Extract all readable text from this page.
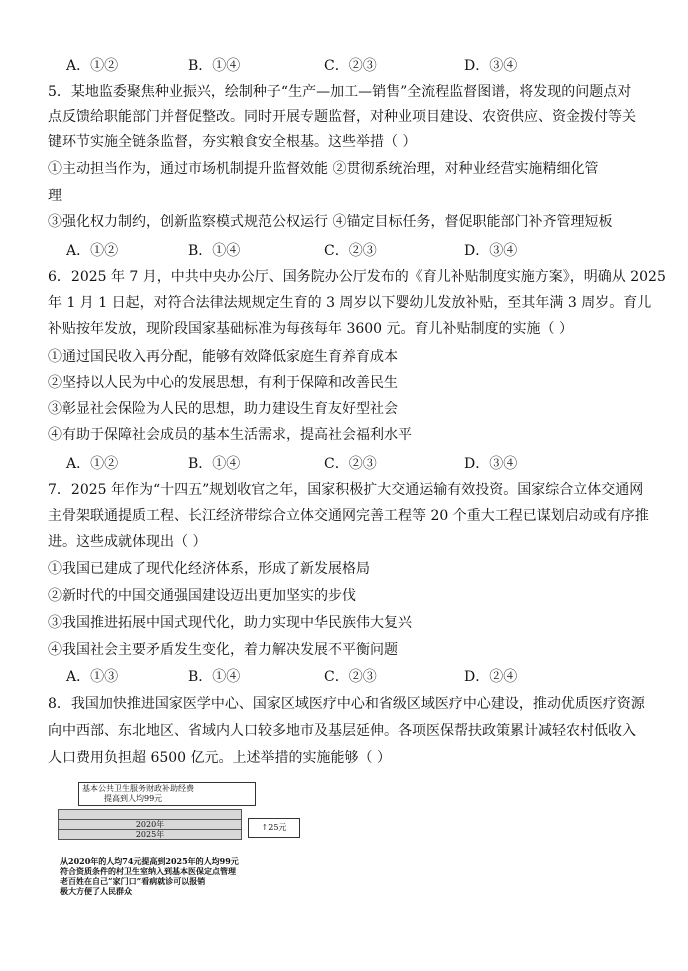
A．①②	B．①④	C．②③	D．③④
5．某地监委聚焦种业振兴，绘制种子“生产—加工—销售”全流程监督图谱，将发现的问题点对
点反馈给职能部门并督促整改。同时开展专题监督，对种业项目建设、农资供应、资金拨付等关
键环节实施全链条监督，夯实粮食安全根基。这些举措（ ）
①主动担当作为，通过市场机制提升监督效能 ②贯彻系统治理，对种业经营实施精细化管
理
③强化权力制约，创新监察模式规范公权运行 ④锚定目标任务，督促职能部门补齐管理短板
A．①②	B．①④	C．②③	D．③④
6．2025 年 7 月，中共中央办公厅、国务院办公厅发布的《育儿补贴制度实施方案》，明确从 2025
年 1 月 1 日起，对符合法律法规规定生育的 3 周岁以下婴幼儿发放补贴，至其年满 3 周岁。育儿
补贴按年发放，现阶段国家基础标准为每孩每年 3600 元。育儿补贴制度的实施（ ）
①通过国民收入再分配，能够有效降低家庭生育养育成本
②坚持以人民为中心的发展思想，有利于保障和改善民生
③彰显社会保险为人民的思想，助力建设生育友好型社会
④有助于保障社会成员的基本生活需求，提高社会福利水平
A．①②	B．①④	C．②③	D．③④
7．2025 年作为“十四五”规划收官之年，国家积极扩大交通运输有效投资。国家综合立体交通网
主骨架联通提质工程、长江经济带综合立体交通网完善工程等 20 个重大工程已谋划启动或有序推
进。这些成就体现出（ ）
①我国已建成了现代化经济体系，形成了新发展格局
②新时代的中国交通强国建设迈出更加坚实的步伐
③我国推进拓展中国式现代化，助力实现中华民族伟大复兴
④我国社会主要矛盾发生变化，着力解决发展不平衡问题
A．①③	B．①④	C．②③	D．②④
8．我国加快推进国家医学中心、国家区域医疗中心和省级区域医疗中心建设，推动优质医疗资源
向中西部、东北地区、省域内人口较多地市及基层延伸。各项医保帮扶政策累计减轻农村低收入
人口费用负担超 6500 亿元。上述举措的实施能够（ ）
基本公共卫生服务财政补助经费
提高到人均99元
2020年
2025年
↑25元
从2020年的人均74元提高到2025年的人均99元
符合资质条件的村卫生室纳入到基本医保定点管理
老百姓在自己“家门口”看病就诊可以报销
极大方便了人民群众
